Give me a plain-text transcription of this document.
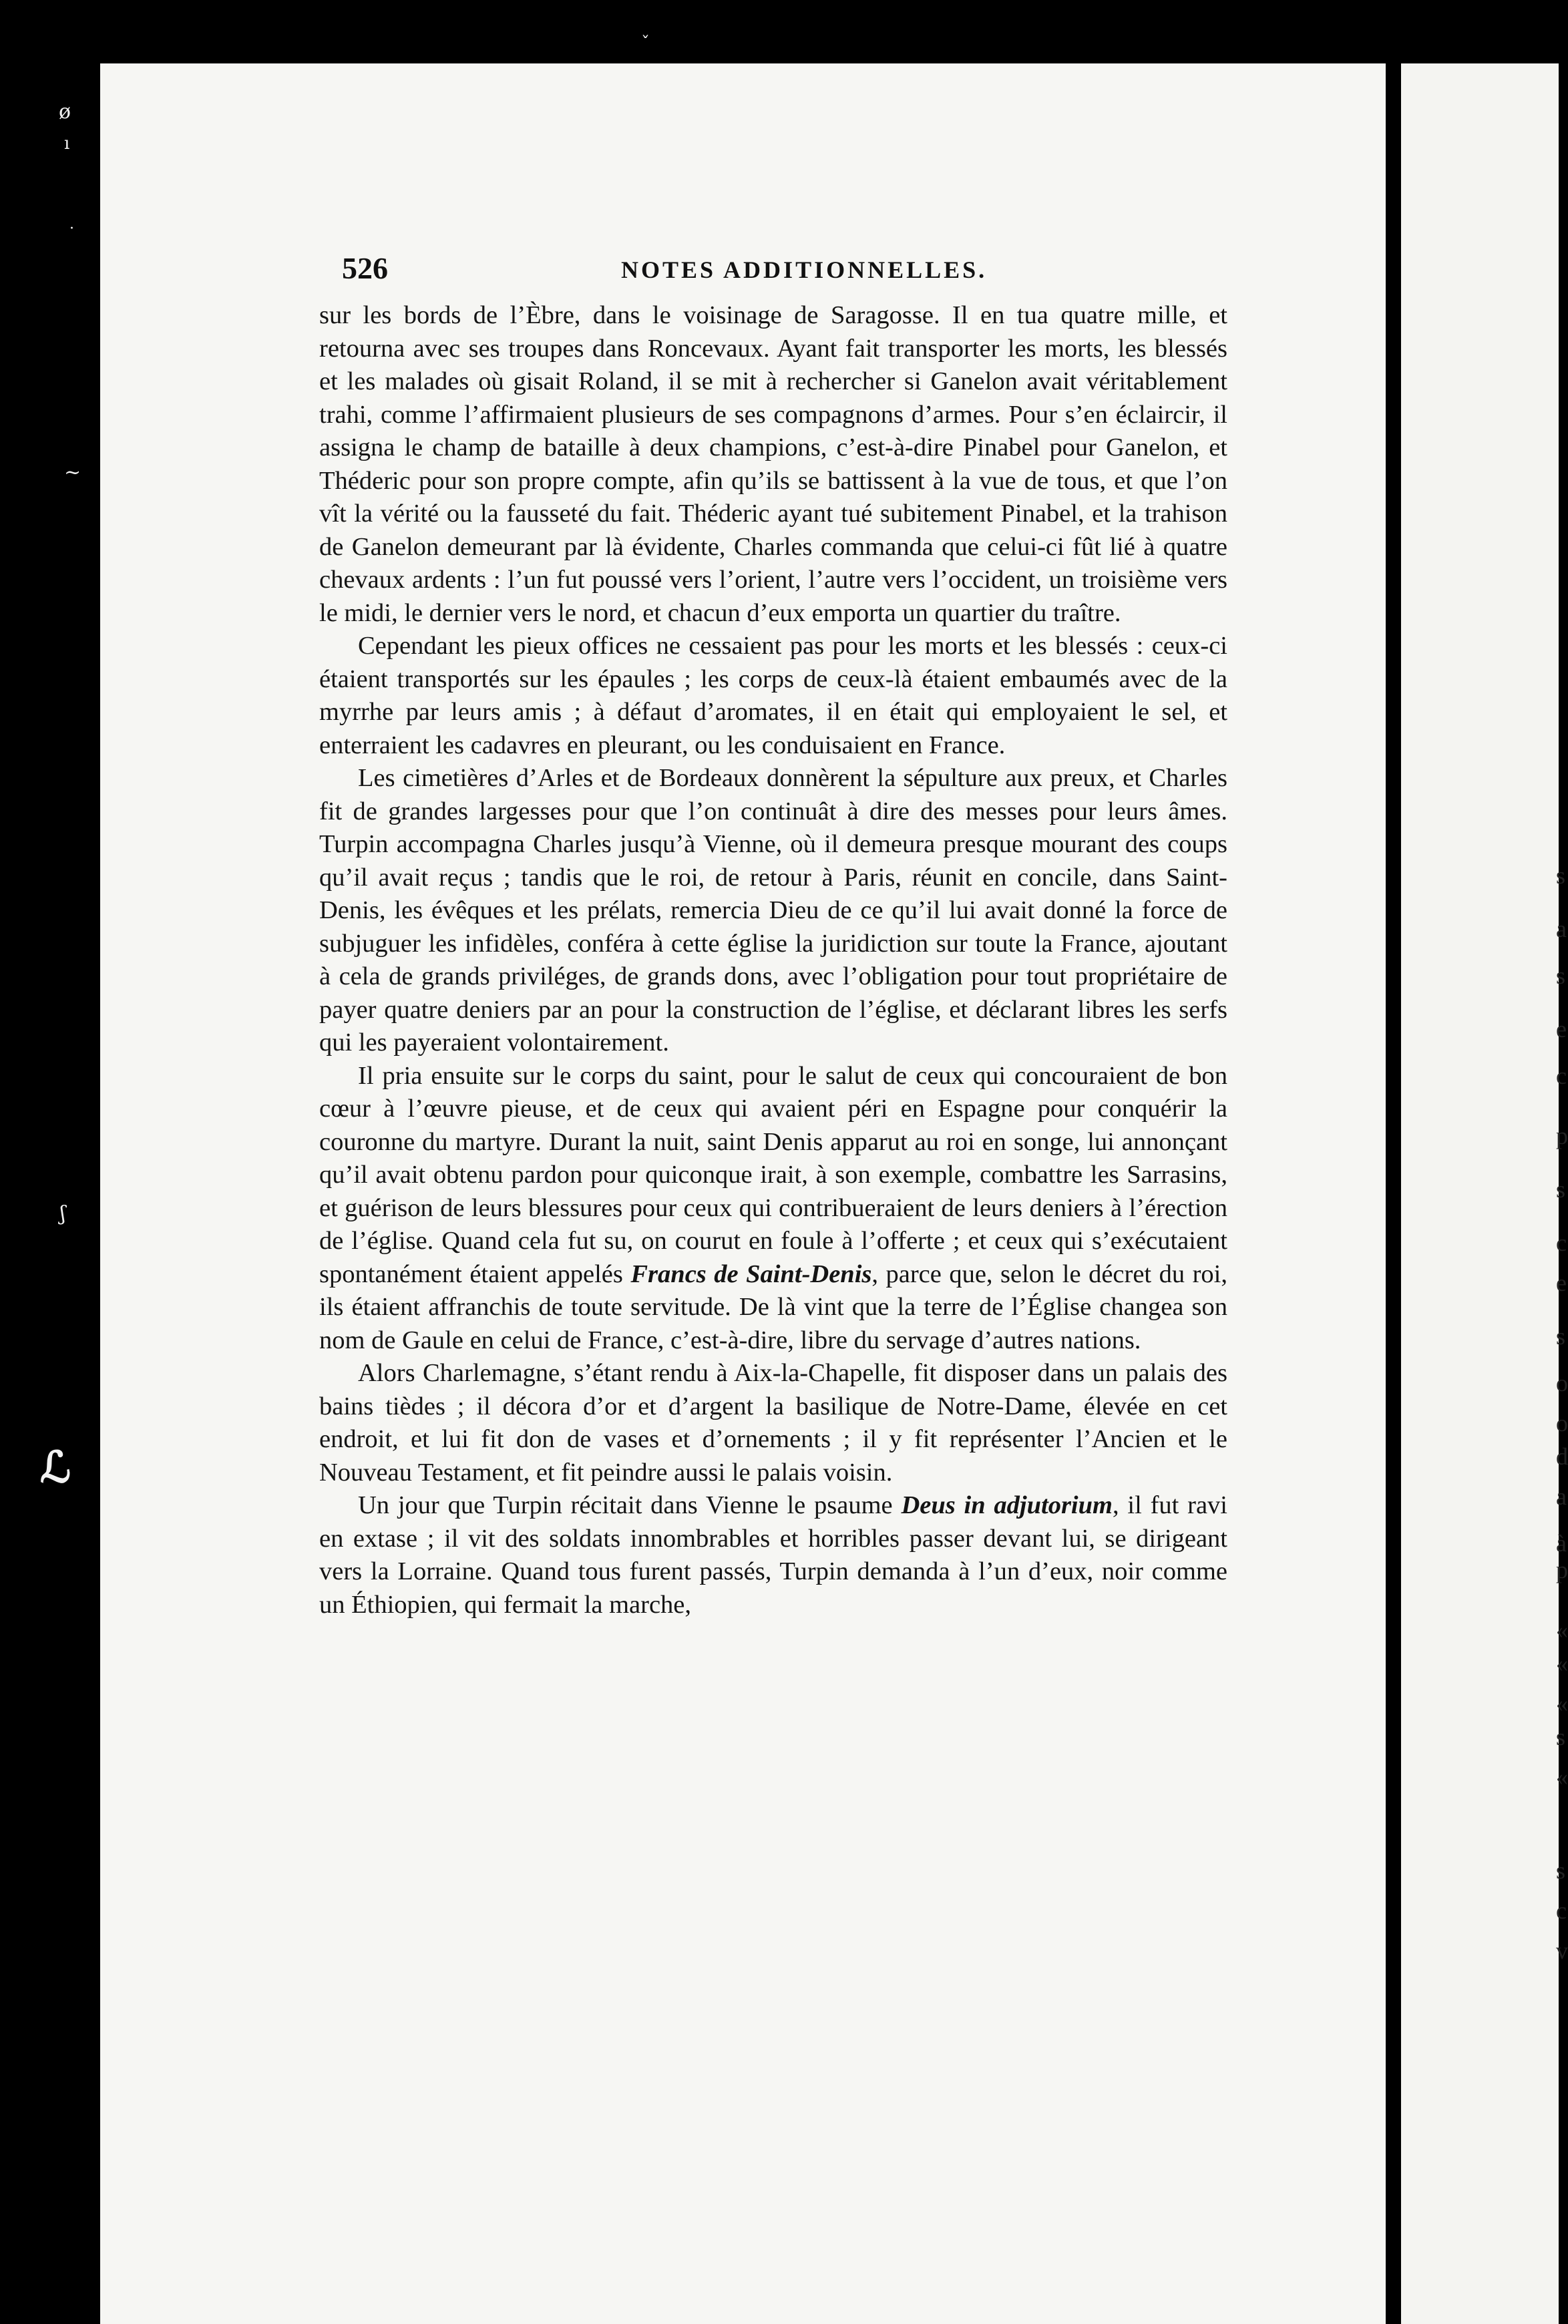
ø
ı
·
~
ʃ
ℒ
ˇ
526	NOTES ADDITIONNELLES.

sur les bords de l’Èbre, dans le voisinage de Saragosse. Il en tua quatre mille, et retourna avec ses troupes dans Roncevaux. Ayant fait transporter les morts, les blessés et les malades où gisait Roland, il se mit à rechercher si Ganelon avait véritablement trahi, comme l’affirmaient plusieurs de ses compagnons d’armes. Pour s’en éclaircir, il assigna le champ de bataille à deux champions, c’est-à-dire Pinabel pour Ganelon, et Théderic pour son propre compte, afin qu’ils se battissent à la vue de tous, et que l’on vît la vérité ou la fausseté du fait. Théderic ayant tué subitement Pinabel, et la trahison de Ganelon demeurant par là évidente, Charles commanda que celui-ci fût lié à quatre chevaux ardents : l’un fut poussé vers l’orient, l’autre vers l’occident, un troisième vers le midi, le dernier vers le nord, et chacun d’eux emporta un quartier du traître.

Cependant les pieux offices ne cessaient pas pour les morts et les blessés : ceux-ci étaient transportés sur les épaules ; les corps de ceux-là étaient embaumés avec de la myrrhe par leurs amis ; à défaut d’aromates, il en était qui employaient le sel, et enterraient les cadavres en pleurant, ou les conduisaient en France.

Les cimetières d’Arles et de Bordeaux donnèrent la sépulture aux preux, et Charles fit de grandes largesses pour que l’on continuât à dire des messes pour leurs âmes. Turpin accompagna Charles jusqu’à Vienne, où il demeura presque mourant des coups qu’il avait reçus ; tandis que le roi, de retour à Paris, réunit en concile, dans Saint-Denis, les évêques et les prélats, remercia Dieu de ce qu’il lui avait donné la force de subjuguer les infidèles, conféra à cette église la juridiction sur toute la France, ajoutant à cela de grands priviléges, de grands dons, avec l’obligation pour tout propriétaire de payer quatre deniers par an pour la construction de l’église, et déclarant libres les serfs qui les payeraient volontairement.

Il pria ensuite sur le corps du saint, pour le salut de ceux qui concouraient de bon cœur à l’œuvre pieuse, et de ceux qui avaient péri en Espagne pour conquérir la couronne du martyre. Durant la nuit, saint Denis apparut au roi en songe, lui annonçant qu’il avait obtenu pardon pour quiconque irait, à son exemple, combattre les Sarrasins, et guérison de leurs blessures pour ceux qui contribueraient de leurs deniers à l’érection de l’église. Quand cela fut su, on courut en foule à l’offerte ; et ceux qui s’exécutaient spontanément étaient appelés Francs de Saint-Denis, parce que, selon le décret du roi, ils étaient affranchis de toute servitude. De là vint que la terre de l’Église changea son nom de Gaule en celui de France, c’est-à-dire, libre du servage d’autres nations.

Alors Charlemagne, s’étant rendu à Aix-la-Chapelle, fit disposer dans un palais des bains tièdes ; il décora d’or et d’argent la basilique de Notre-Dame, élevée en cet endroit, et lui fit don de vases et d’ornements ; il y fit représenter l’Ancien et le Nouveau Testament, et fit peindre aussi le palais voisin.

Un jour que Turpin récitait dans Vienne le psaume Deus in adjutorium, il fut ravi en extase ; il vit des soldats innombrables et horribles passer devant lui, se dirigeant vers la Lorraine. Quand tous furent passés, Turpin demanda à l’un d’eux, noir comme un Éthiopien, qui fermait la marche,

s
a
s
e
c
p
s
c
e
s
o
o
d
a
à
p
«
«
«
s
«
s
c
v
